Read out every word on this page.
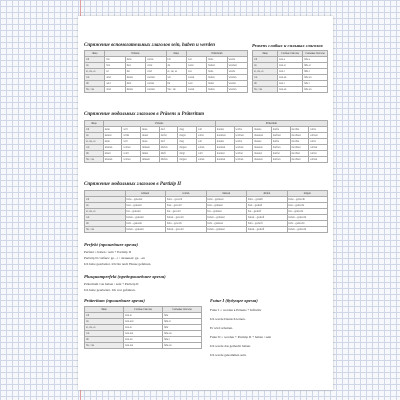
Спряжение вспомогательных глаголов sein, haben и werden	Prasens слабых и сильных глаголов
Лицо	Präsens			Лицо	Präteritum		
ich	bin	habe	werde	ich	war	hatte	wurde
du	bist	hast	wirst	du	warst	hattest	wurdest
er, sie, es	ist	hat	wird	er, sie, es	war	hatte	wurde
wir	sind	haben	werden	wir	waren	hatten	wurden
ihr	seid	habt	werdet	ihr	wart	hattet	wurdet
Sie / sie	sind	haben	werden	Sie / sie	waren	hatten	wurden
Лицо	Слабые глаголы	Сильные глаголы
ich	lern-e	fahr-e
du	lern-st	fähr-st
er, sie, es	lern-t	fähr-t
wir	lern-en	fahr-en
ihr	lern-t	fahr-t
Sie / sie	lern-en	fahr-en
Спряжение модальных глаголов в Präsens и Präteritum
Лицо	Präsens						Präteritum					
ich	kann	will	muss	darf	mag	soll	konnte	wollte	musste	durfte	mochte	sollte
du	kannst	willst	musst	darfst	magst	sollst	konntest	wolltest	musstest	durftest	mochtest	solltest
er, sie, es	kann	will	muss	darf	mag	soll	konnte	wollte	musste	durfte	mochte	sollte
wir	können	wollen	müssen	dürfen	mögen	sollen	konnten	wollten	mussten	durften	mochten	sollten
ihr	könnt	wollt	müsst	dürft	mögt	sollt	konntet	wolltet	musstet	durftet	mochtet	solltet
Sie / sie	können	wollen	müssen	dürfen	mögen	sollen	konnten	wollten	mussten	durften	mochten	sollten
Спряжение модальных глаголов в Partizip II
	können	wollen	müssen	dürfen	mögen
ich	habe…gekonnt	habe…gewollt	habe…gemusst	habe…gedurft	habe…gemocht
du	hast…gekonnt	hast…gewollt	hast…gemusst	hast…gedurft	hast…gemocht
er, sie, es	hat…gekonnt	hat…gewollt	hat…gemusst	hat…gedurft	hat…gemocht
wir	haben…gekonnt	haben…gewollt	haben…gemusst	haben…gedurft	haben…gemocht
ihr	habt…gekonnt	habt…gewollt	habt…gemusst	habt…gedurft	habt…gemocht
Sie / sie	haben…gekonnt	haben…gewollt	haben…gemusst	haben…gedurft	haben…gemocht
Perfekt (прошедшее время)
Perfekt = haben / sein + Partizip II
Partizip II слабых: ge…t / сильных: ge…en
Ich habe gearbeitet. Ich bin nach Hause gefahren.
Plusquamperfekt (предпрошедшее время)
Präteritum von haben / sein + Partizip II
Ich hatte gearbeitet. Ich war gefahren.
Präteritum (прошедшее время)
Лицо	Слабые глаголы	Сильные глаголы
ich	lern-te	fuhr
du	lern-test	fuhr-st
er, sie, es	lern-te	fuhr
wir	lern-ten	fuhr-en
ihr	lern-tet	fuhr-t
Sie / sie	lern-ten	fuhr-en
Futur I (будущее время)
Futur I = werden в Präsens + Infinitiv
Ich werde Deutsch lernen.
Er wird arbeiten.
Futur II = werden + Partizip II + haben / sein
Ich werde das gemacht haben.
Ich werde gekommen sein.
